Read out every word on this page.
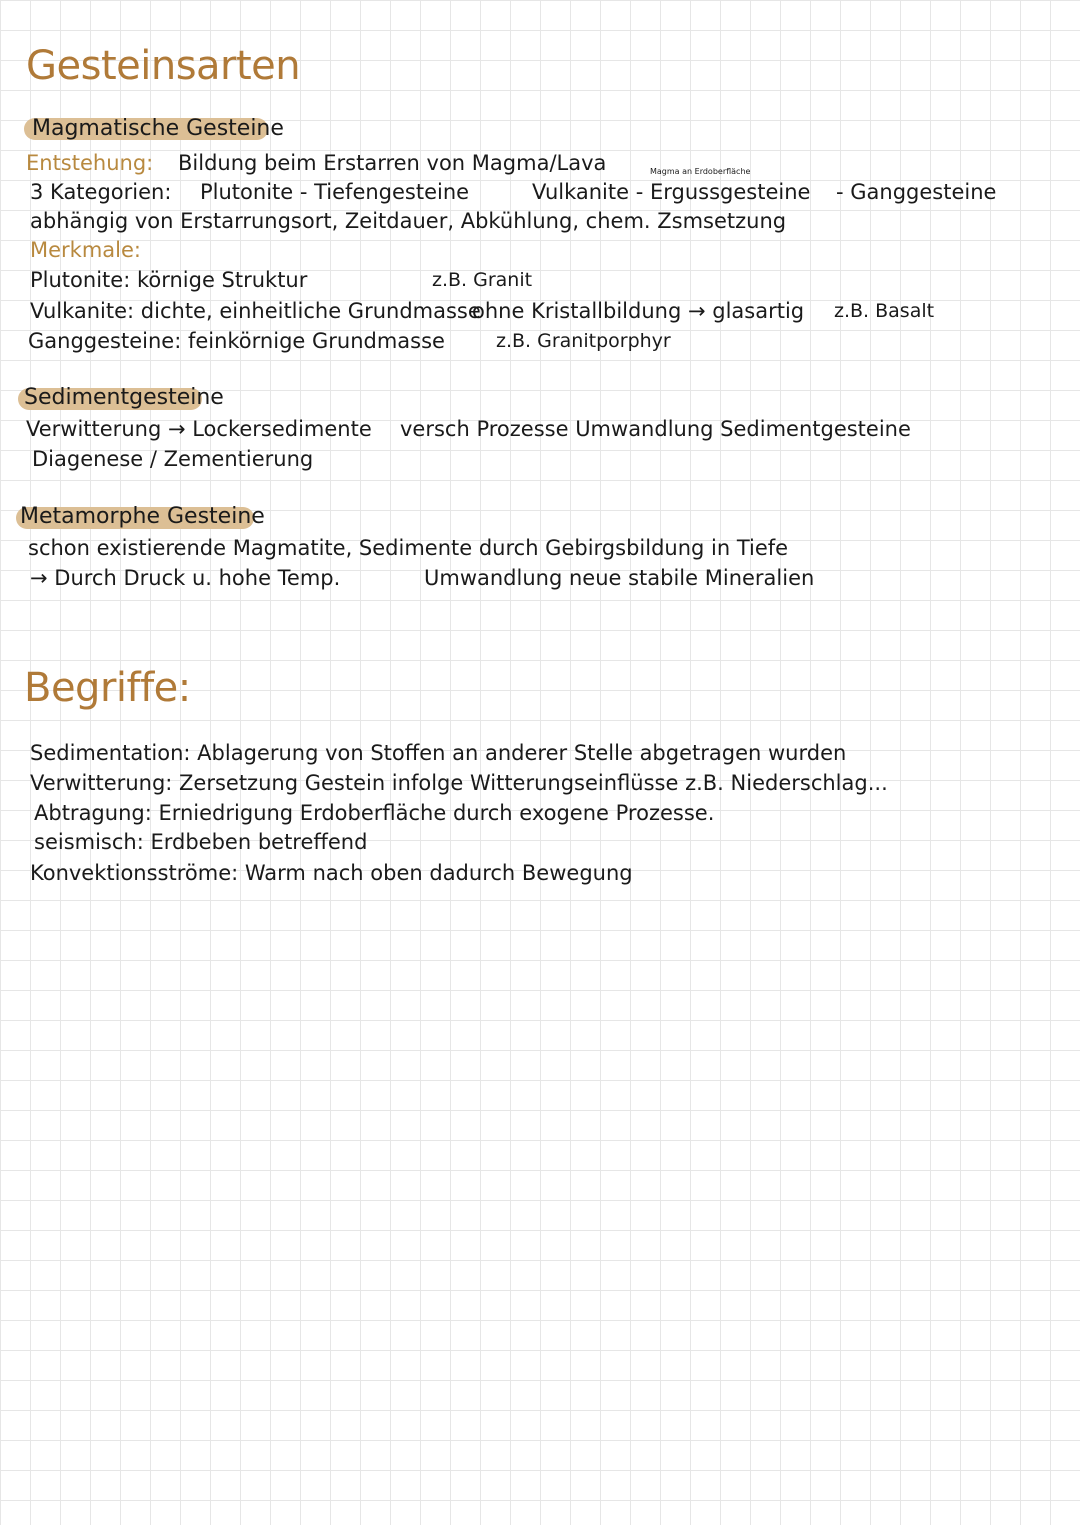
Gesteinsarten
Magmatische Gesteine
Entstehung: Bildung beim Erstarren von Magma/Lava	Magma an Erdoberfläche
3 Kategorien: Plutonite - Tiefengesteine	Vulkanite - Ergussgesteine - Ganggesteine
abhängig von Erstarrungsort, Zeitdauer, Abkühlung, chem. Zsmsetzung
Merkmale:
Plutonite: körnige Struktur	z.B. Granit
Vulkanite: dichte, einheitliche Grundmasse
ohne Kristallbildung → glasartig z.B. Basalt
Ganggesteine: feinkörnige Grundmasse	z.B. Granitporphyr
Sedimentgesteine
Verwitterung → Lockersedimente versch Prozesse Umwandlung Sedimentgesteine
Diagenese / Zementierung
Metamorphe Gesteine
schon existierende Magmatite, Sedimente durch Gebirgsbildung in Tiefe
→ Durch Druck u. hohe Temp.	Umwandlung neue stabile Mineralien
Begriffe:
Sedimentation: Ablagerung von Stoffen an anderer Stelle abgetragen wurden
Verwitterung: Zersetzung Gestein infolge Witterungseinflüsse z.B. Niederschlag...
Abtragung: Erniedrigung Erdoberfläche durch exogene Prozesse.
seismisch: Erdbeben betreffend
Konvektionsströme: Warm nach oben dadurch Bewegung
